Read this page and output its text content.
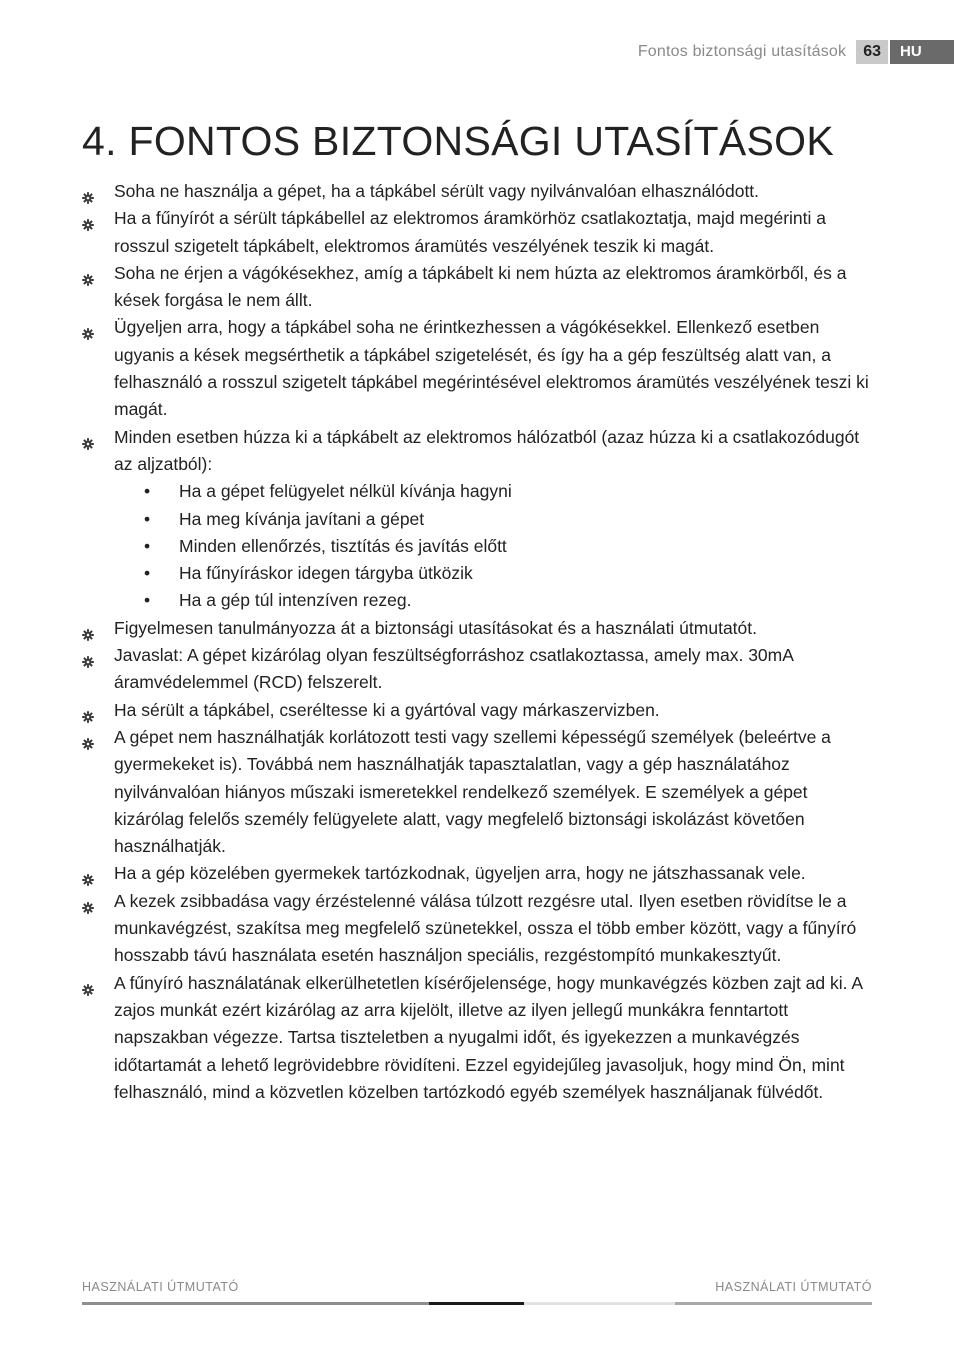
Fontos biztonsági utasítások	63	HU
4. FONTOS BIZTONSÁGI UTASÍTÁSOK
Soha ne használja a gépet, ha a tápkábel sérült vagy nyilvánvalóan elhasználódott.
Ha a fűnyírót a sérült tápkábellel az elektromos áramkörhöz csatlakoztatja, majd megérinti a rosszul szigetelt tápkábelt, elektromos áramütés veszélyének teszik ki magát.
Soha ne érjen a vágókésekhez, amíg a tápkábelt ki nem húzta az elektromos áramkörből, és a kések forgása le nem állt.
Ügyeljen arra, hogy a tápkábel soha ne érintkezhessen a vágókésekkel. Ellenkező esetben ugyanis a kések megsérthetik a tápkábel szigetelését, és így ha a gép feszültség alatt van, a felhasználó a rosszul szigetelt tápkábel megérintésével elektromos áramütés veszélyének teszi ki magát.
Minden esetben húzza ki a tápkábelt az elektromos hálózatból (azaz húzza ki a csatlakozódugót az aljzatból):
• Ha a gépet felügyelet nélkül kívánja hagyni
• Ha meg kívánja javítani a gépet
• Minden ellenőrzés, tisztítás és javítás előtt
• Ha fűnyíráskor idegen tárgyba ütközik
• Ha a gép túl intenzíven rezeg.
Figyelmesen tanulmányozza át a biztonsági utasításokat és a használati útmutatót.
Javaslat: A gépet kizárólag olyan feszültségforráshoz csatlakoztassa, amely max. 30mA áramvédelemmel (RCD) felszerelt.
Ha sérült a tápkábel, cseréltesse ki a gyártóval vagy márkaszervizben.
A gépet nem használhatják korlátozott testi vagy szellemi képességű személyek (beleértve a gyermekeket is). Továbbá nem használhatják tapasztalatlan, vagy a gép használatához nyilvánvalóan hiányos műszaki ismeretekkel rendelkező személyek. E személyek a gépet kizárólag felelős személy felügyelete alatt, vagy megfelelő biztonsági iskolázást követően használhatják.
Ha a gép közelében gyermekek tartózkodnak, ügyeljen arra, hogy ne játszhassanak vele.
A kezek zsibbadása vagy érzéstelenné válása túlzott rezgésre utal. Ilyen esetben rövidítse le a munkavégzést, szakítsa meg megfelelő szünetekkel, ossza el több ember között, vagy a fűnyíró hosszabb távú használata esetén használjon speciális, rezgéstompító munkakesztyűt.
A fűnyíró használatának elkerülhetetlen kísérőjelensége, hogy munkavégzés közben zajt ad ki. A zajos munkát ezért kizárólag az arra kijelölt, illetve az ilyen jellegű munkákra fenntartott napszakban végezze. Tartsa tiszteletben a nyugalmi időt, és igyekezzen a munkavégzés időtartamát a lehető legrövidebbre rövidíteni. Ezzel egyidejűleg javasoljuk, hogy mind Ön, mint felhasználó, mind a közvetlen közelben tartózkodó egyéb személyek használjanak fülvédőt.
HASZNÁLATI ÚTMUTATÓ	HASZNÁLATI ÚTMUTATÓ
